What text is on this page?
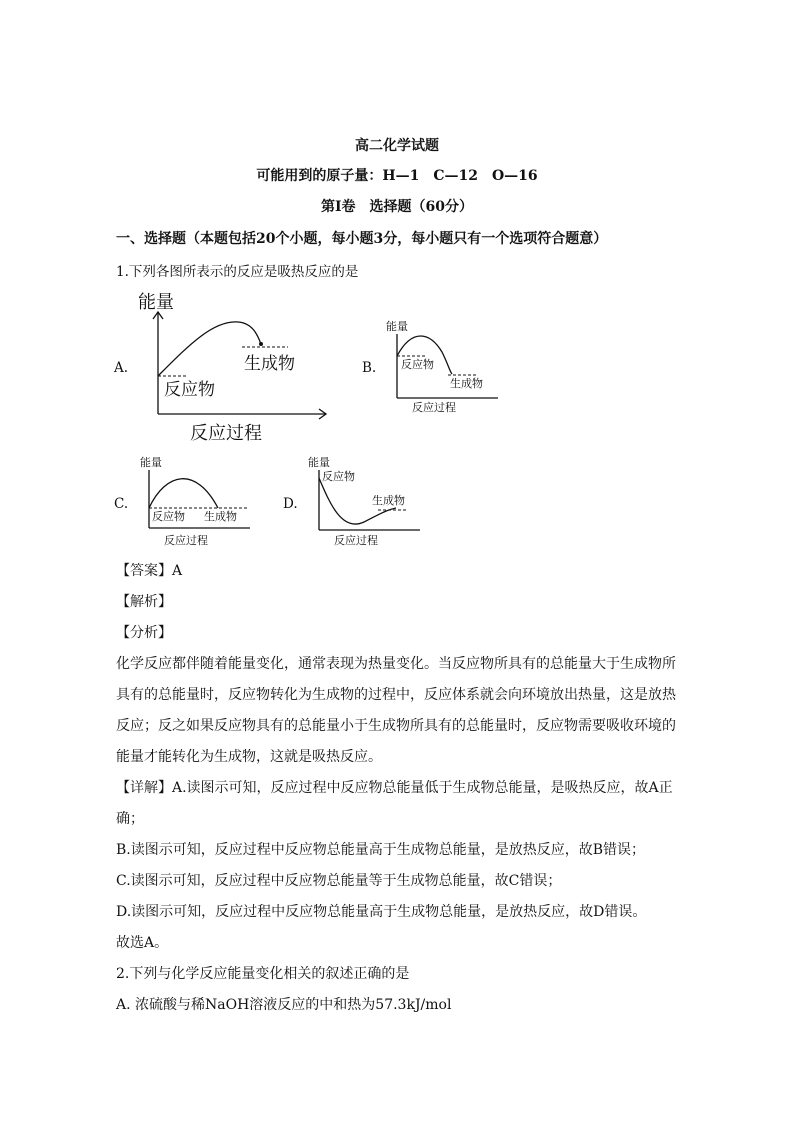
高二化学试题
可能用到的原子量：H—1　C—12　O—16
第Ⅰ卷　选择题（60分）
一、选择题（本题包括20个小题，每小题3分，每小题只有一个选项符合题意）
1.下列各图所表示的反应是吸热反应的是
A.
能量
反应物
生成物
反应过程
B.
能量
反应物
生成物
反应过程
C.
能量
反应物 生成物
反应过程
D.
能量
反应物
生成物
反应过程

【答案】A

【解析】

【分析】

化学反应都伴随着能量变化，通常表现为热量变化。当反应物所具有的总能量大于生成物所

具有的总能量时，反应物转化为生成物的过程中，反应体系就会向环境放出热量，这是放热

反应；反之如果反应物具有的总能量小于生成物所具有的总能量时，反应物需要吸收环境的

能量才能转化为生成物，这就是吸热反应。

【详解】A.读图示可知，反应过程中反应物总能量低于生成物总能量，是吸热反应，故A正

确；

B.读图示可知，反应过程中反应物总能量高于生成物总能量，是放热反应，故B错误；

C.读图示可知，反应过程中反应物总能量等于生成物总能量，故C错误；

D.读图示可知，反应过程中反应物总能量高于生成物总能量，是放热反应，故D错误。

故选A。

2.下列与化学反应能量变化相关的叙述正确的是

A. 浓硫酸与稀NaOH溶液反应的中和热为57.3kJ/mol
